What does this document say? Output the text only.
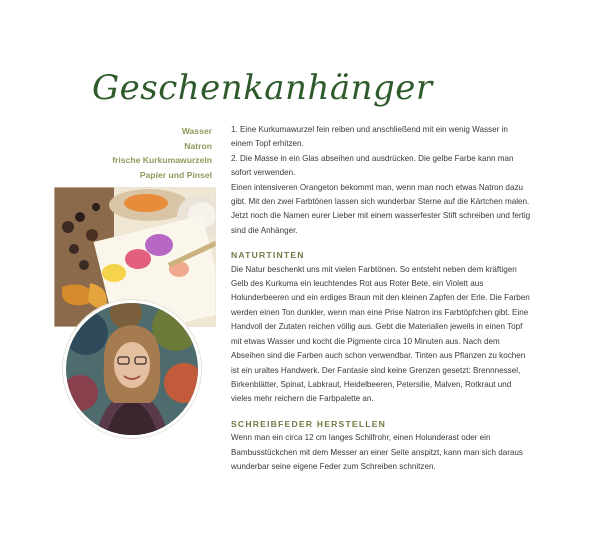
Geschenkanhänger
Wasser
Natron
frische Kurkumawurzeln
Papier und Pinsel

1. Eine Kurkumawurzel fein reiben und anschließend mit ein wenig Wasser in einem Topf erhitzen.

2. Die Masse in ein Glas abseihen und ausdrücken. Die gelbe Farbe kann man sofort verwenden.

Einen intensiveren Orangeton bekommt man, wenn man noch etwas Natron dazu gibt. Mit den zwei Farbtönen lassen sich wunderbar Sterne auf die Kärtchen malen. Jetzt noch die Namen eurer Lieber mit einem wasserfester Stift schreiben und fertig sind die Anhänger.

NATURTINTEN

Die Natur beschenkt uns mit vielen Farbtönen. So entsteht neben dem kräftigen Gelb des Kurkuma ein leuchtendes Rot aus Roter Bete, ein Violett aus Holunderbeeren und ein erdiges Braun mit den kleinen Zapfen der Erle. Die Farben werden einen Ton dunkler, wenn man eine Prise Natron ins Farbtöpfchen gibt. Eine Handvoll der Zutaten reichen völlig aus. Gebt die Materialien jeweils in einen Topf mit etwas Wasser und kocht die Pigmente circa 10 Minuten aus. Nach dem Abseihen sind die Farben auch schon verwendbar. Tinten aus Pflanzen zu kochen ist ein uraltes Handwerk. Der Fantasie sind keine Grenzen gesetzt: Brennnessel, Birkenblätter, Spinat, Labkraut, Heidelbeeren, Petersilie, Malven, Rotkraut und vieles mehr reichern die Farbpalette an.

SCHREIBFEDER HERSTELLEN

Wenn man ein circa 12 cm langes Schilfrohr, einen Holunderast oder ein Bambusstückchen mit dem Messer an einer Seite anspitzt, kann man sich daraus wunderbar seine eigene Feder zum Schreiben schnitzen.
